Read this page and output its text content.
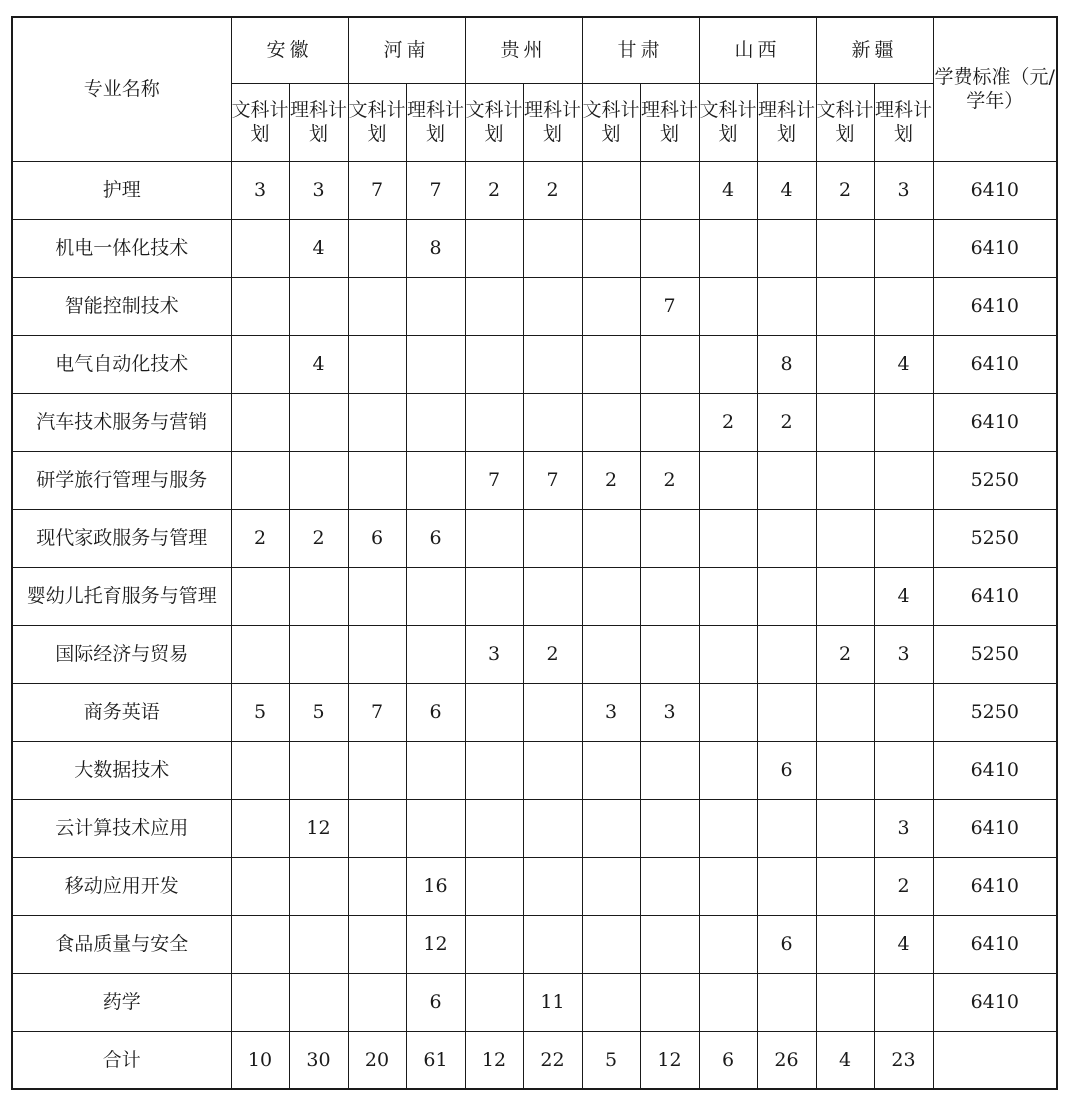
专业名称	安徽		河南		贵州		甘肃		山西		新疆		学费标准（元/学年）
	文科计划	理科计划	文科计划	理科计划	文科计划	理科计划	文科计划	理科计划	文科计划	理科计划	文科计划	理科计划	
护理	3	3	7	7	2	2			4	4	2	3	6410
机电一体化技术		4		8									6410
智能控制技术								7					6410
电气自动化技术		4								8		4	6410
汽车技术服务与营销									2	2			6410
研学旅行管理与服务					7	7	2	2					5250
现代家政服务与管理	2	2	6	6									5250
婴幼儿托育服务与管理												4	6410
国际经济与贸易					3	2					2	3	5250
商务英语	5	5	7	6			3	3					5250
大数据技术										6			6410
云计算技术应用		12										3	6410
移动应用开发				16								2	6410
食品质量与安全				12						6		4	6410
药学				6		11							6410
合计	10	30	20	61	12	22	5	12	6	26	4	23	
